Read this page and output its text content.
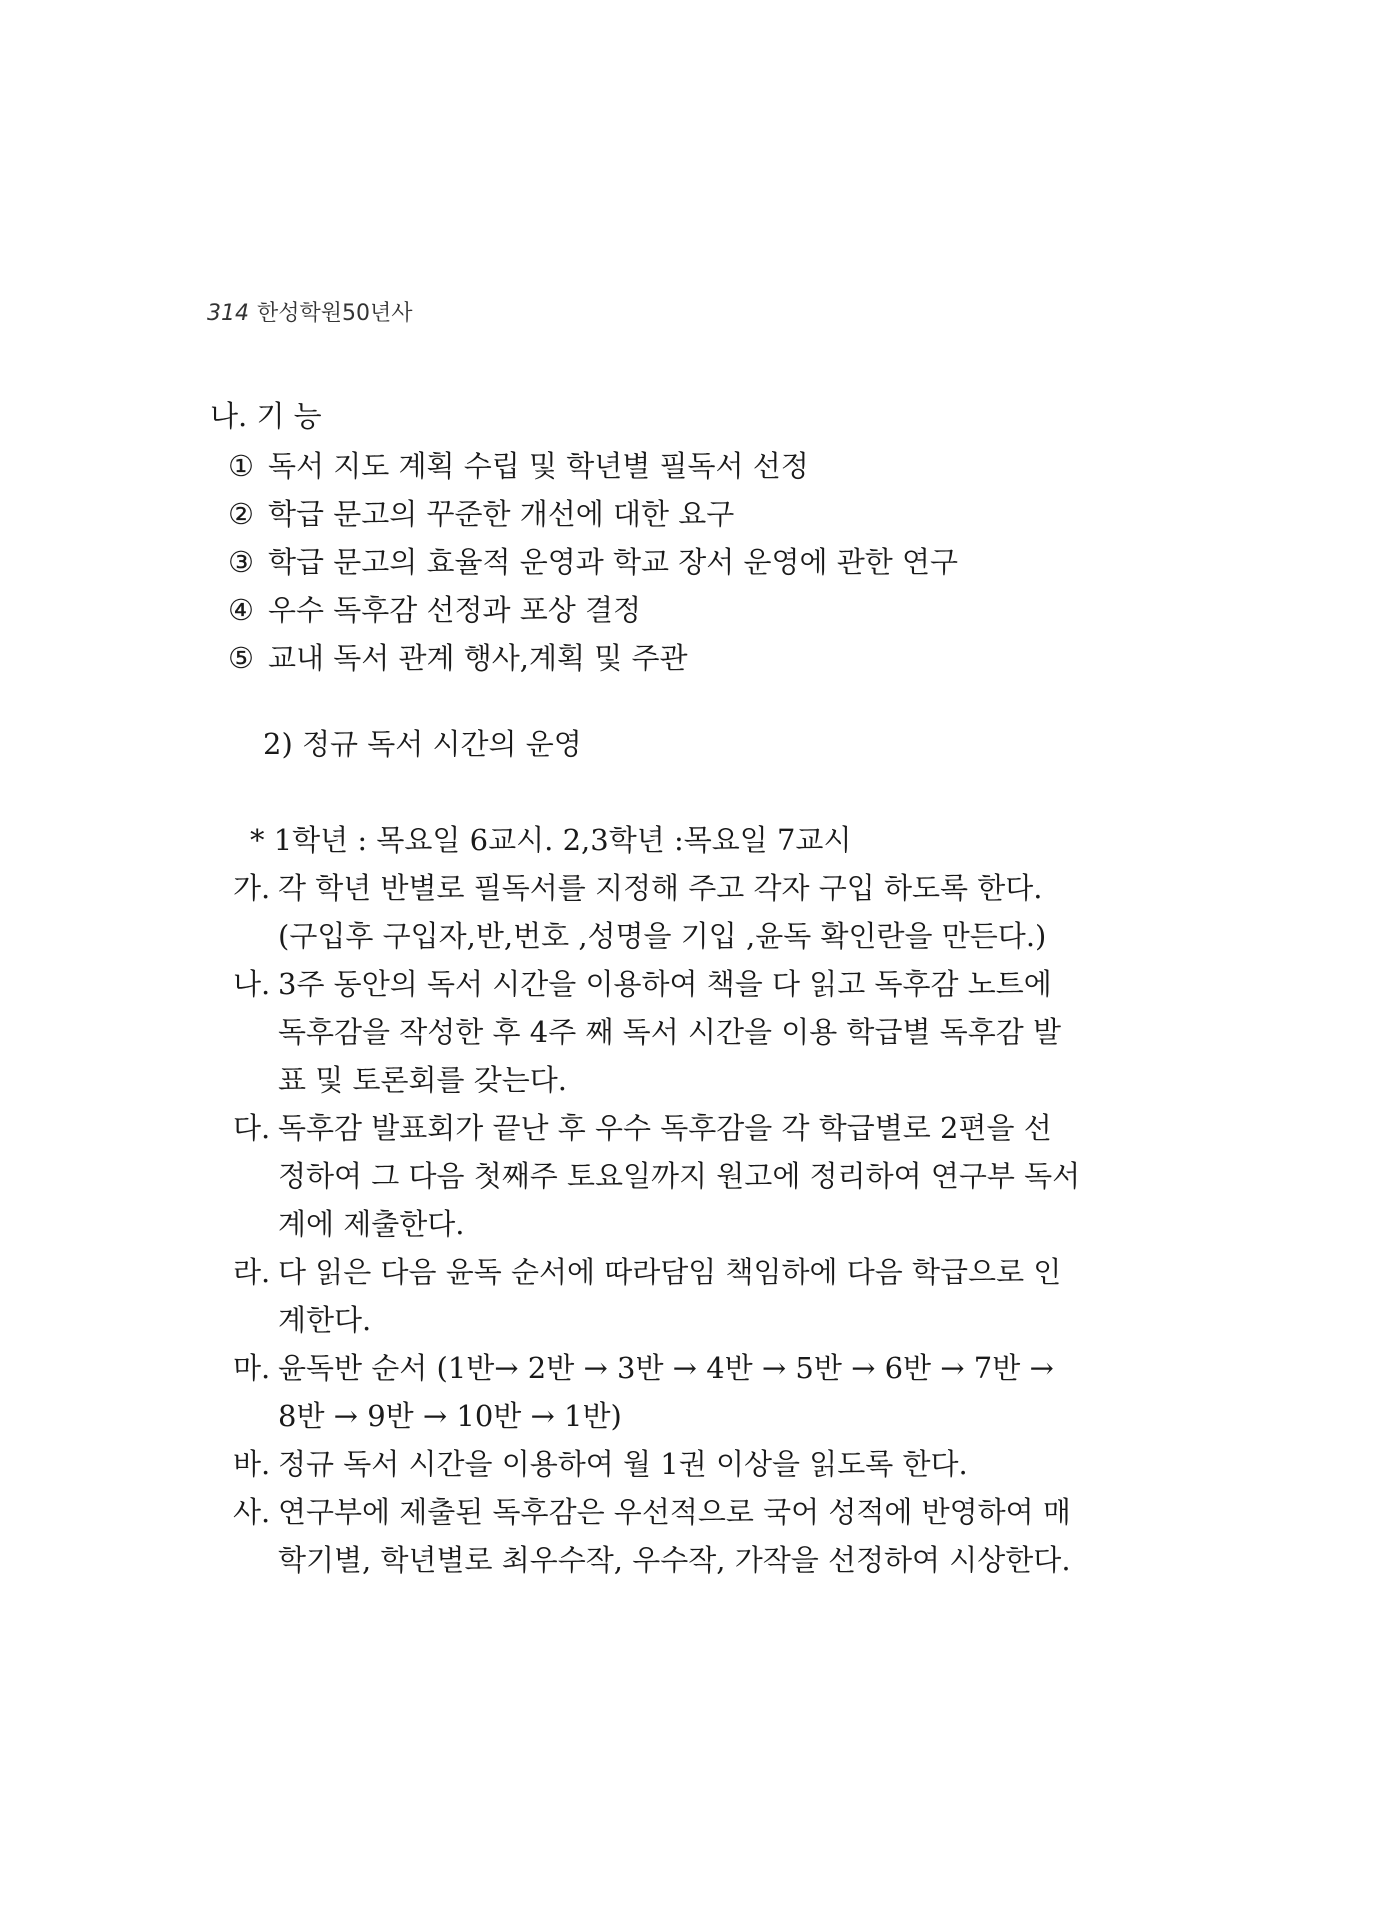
314 한성학원50년사
나. 기 능
① 독서 지도 계획 수립 및 학년별 필독서 선정
② 학급 문고의 꾸준한 개선에 대한 요구
③ 학급 문고의 효율적 운영과 학교 장서 운영에 관한 연구
④ 우수 독후감 선정과 포상 결정
⑤ 교내 독서 관계 행사,계획 및 주관
2) 정규 독서 시간의 운영
* 1학년 : 목요일 6교시. 2,3학년 :목요일 7교시
가. 각 학년 반별로 필독서를 지정해 주고 각자 구입 하도록 한다.
(구입후 구입자,반,번호 ,성명을 기입 ,윤독 확인란을 만든다.)
나. 3주 동안의 독서 시간을 이용하여 책을 다 읽고 독후감 노트에
독후감을 작성한 후 4주 째 독서 시간을 이용 학급별 독후감 발
표 및 토론회를 갖는다.
다. 독후감 발표회가 끝난 후 우수 독후감을 각 학급별로 2편을 선
정하여 그 다음 첫째주 토요일까지 원고에 정리하여 연구부 독서
계에 제출한다.
라. 다 읽은 다음 윤독 순서에 따라담임 책임하에 다음 학급으로 인
계한다.
마. 윤독반 순서 (1반→ 2반 → 3반 → 4반 → 5반 → 6반 → 7반 →
8반 → 9반 → 10반 → 1반)
바. 정규 독서 시간을 이용하여 월 1권 이상을 읽도록 한다.
사. 연구부에 제출된 독후감은 우선적으로 국어 성적에 반영하여 매
학기별, 학년별로 최우수작, 우수작, 가작을 선정하여 시상한다.
